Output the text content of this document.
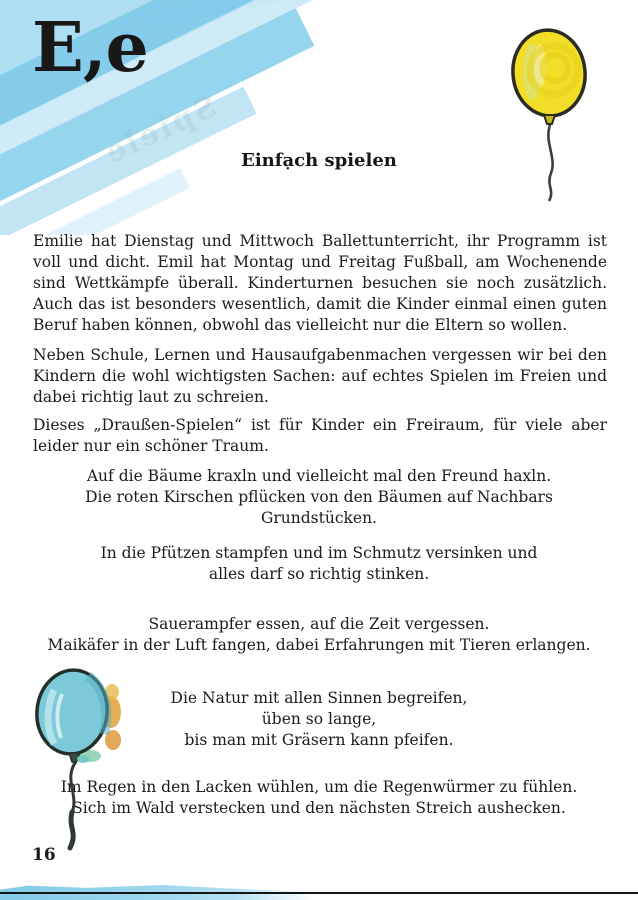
Spiele
E,e
Einfạch spielen

Emilie hat Dienstag und Mittwoch Ballettunterricht, ihr Programm ist voll und dicht. Emil hat Montag und Freitag Fußball, am Wochenende sind Wettkämpfe überall. Kinderturnen besuchen sie noch zusätzlich. Auch das ist besonders wesentlich, damit die Kinder einmal einen guten Beruf haben können, obwohl das vielleicht nur die Eltern so wollen.

Neben Schule, Lernen und Hausaufgabenmachen vergessen wir bei den Kindern die wohl wichtigsten Sachen: auf echtes Spielen im Freien und dabei richtig laut zu schreien.

Dieses „Draußen-Spielen“ ist für Kinder ein Freiraum, für viele aber leider nur ein schöner Traum.

Auf die Bäume kraxln und vielleicht mal den Freund haxln.
Die roten Kirschen pflücken von den Bäumen auf Nachbars Grundstücken.
In die Pfützen stampfen und im Schmutz versinken und
alles darf so richtig stinken.
Sauerampfer essen, auf die Zeit vergessen.
Maikäfer in der Luft fangen, dabei Erfahrungen mit Tieren erlangen.
Die Natur mit allen Sinnen begreifen,
üben so lange,
bis man mit Gräsern kann pfeifen.
Im Regen in den Lacken wühlen, um die Regenwürmer zu fühlen.
Sich im Wald verstecken und den nächsten Streich aushecken.
16
